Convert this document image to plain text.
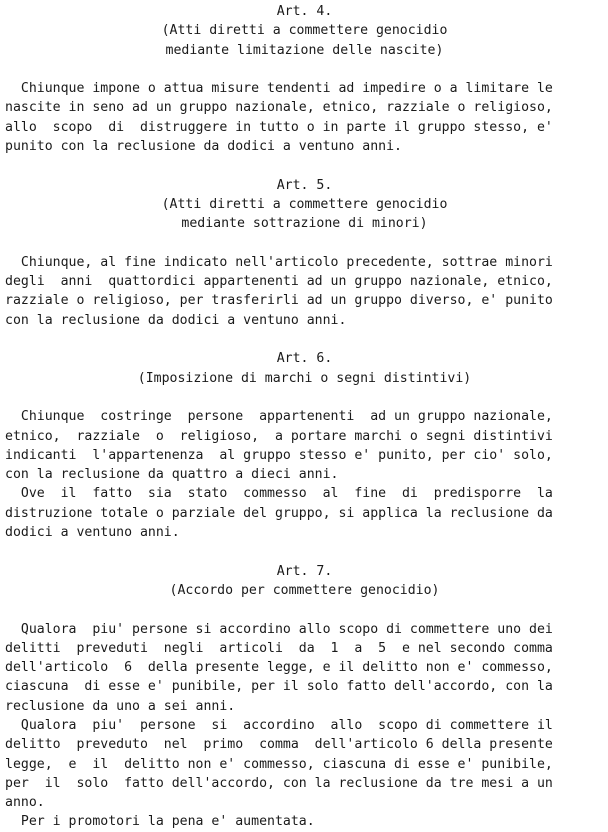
Art. 4.
(Atti diretti a commettere genocidio
mediante limitazione delle nascite)
Chiunque impone o attua misure tendenti ad impedire o a limitare le
nascite in seno ad un gruppo nazionale, etnico, razziale o religioso,
allo  scopo  di  distruggere in tutto o in parte il gruppo stesso, e'
punito con la reclusione da dodici a ventuno anni.
Art. 5.
(Atti diretti a commettere genocidio
mediante sottrazione di minori)
Chiunque, al fine indicato nell'articolo precedente, sottrae minori
degli  anni  quattordici appartenenti ad un gruppo nazionale, etnico,
razziale o religioso, per trasferirli ad un gruppo diverso, e' punito
con la reclusione da dodici a ventuno anni.
Art. 6.
(Imposizione di marchi o segni distintivi)
Chiunque  costringe  persone  appartenenti  ad un gruppo nazionale,
etnico,  razziale  o  religioso,  a portare marchi o segni distintivi
indicanti  l'appartenenza  al gruppo stesso e' punito, per cio' solo,
con la reclusione da quattro a dieci anni.
Ove  il  fatto  sia  stato  commesso  al  fine  di  predisporre  la
distruzione totale o parziale del gruppo, si applica la reclusione da
dodici a ventuno anni.
Art. 7.
(Accordo per commettere genocidio)
Qualora  piu' persone si accordino allo scopo di commettere uno dei
delitti  preveduti  negli  articoli  da  1  a  5  e nel secondo comma
dell'articolo  6  della presente legge, e il delitto non e' commesso,
ciascuna  di esse e' punibile, per il solo fatto dell'accordo, con la
reclusione da uno a sei anni.
Qualora  piu'  persone  si  accordino  allo  scopo di commettere il
delitto  preveduto  nel  primo  comma  dell'articolo 6 della presente
legge,  e  il  delitto non e' commesso, ciascuna di esse e' punibile,
per  il  solo  fatto dell'accordo, con la reclusione da tre mesi a un
anno.
Per i promotori la pena e' aumentata.
